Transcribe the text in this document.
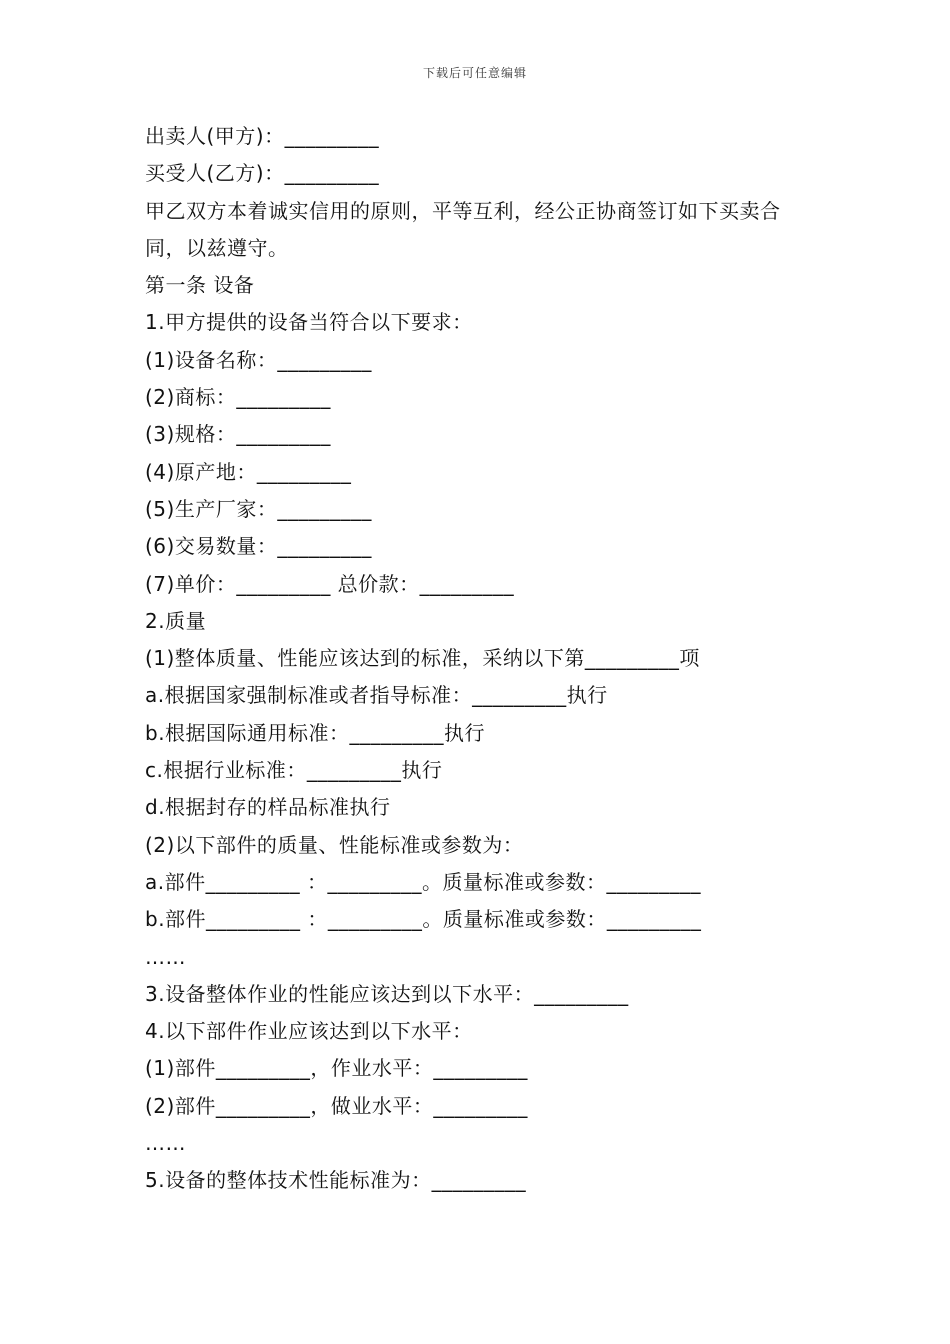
下载后可任意编辑
出卖人(甲方)：_________
买受人(乙方)：_________
甲乙双方本着诚实信用的原则，平等互利，经公正协商签订如下买卖合同，以兹遵守。
第一条 设备
1.甲方提供的设备当符合以下要求：
(1)设备名称：_________
(2)商标：_________
(3)规格：_________
(4)原产地：_________
(5)生产厂家：_________
(6)交易数量：_________
(7)单价：_________ 总价款：_________
2.质量
(1)整体质量、性能应该达到的标准，采纳以下第_________项
a.根据国家强制标准或者指导标准：_________执行
b.根据国际通用标准：_________执行
c.根据行业标准：_________执行
d.根据封存的样品标准执行
(2)以下部件的质量、性能标准或参数为：
a.部件_________ ：_________。质量标准或参数：_________
b.部件_________ ：_________。质量标准或参数：_________
……
3.设备整体作业的性能应该达到以下水平：_________
4.以下部件作业应该达到以下水平：
(1)部件_________，作业水平：_________
(2)部件_________，做业水平：_________
……
5.设备的整体技术性能标准为：_________
